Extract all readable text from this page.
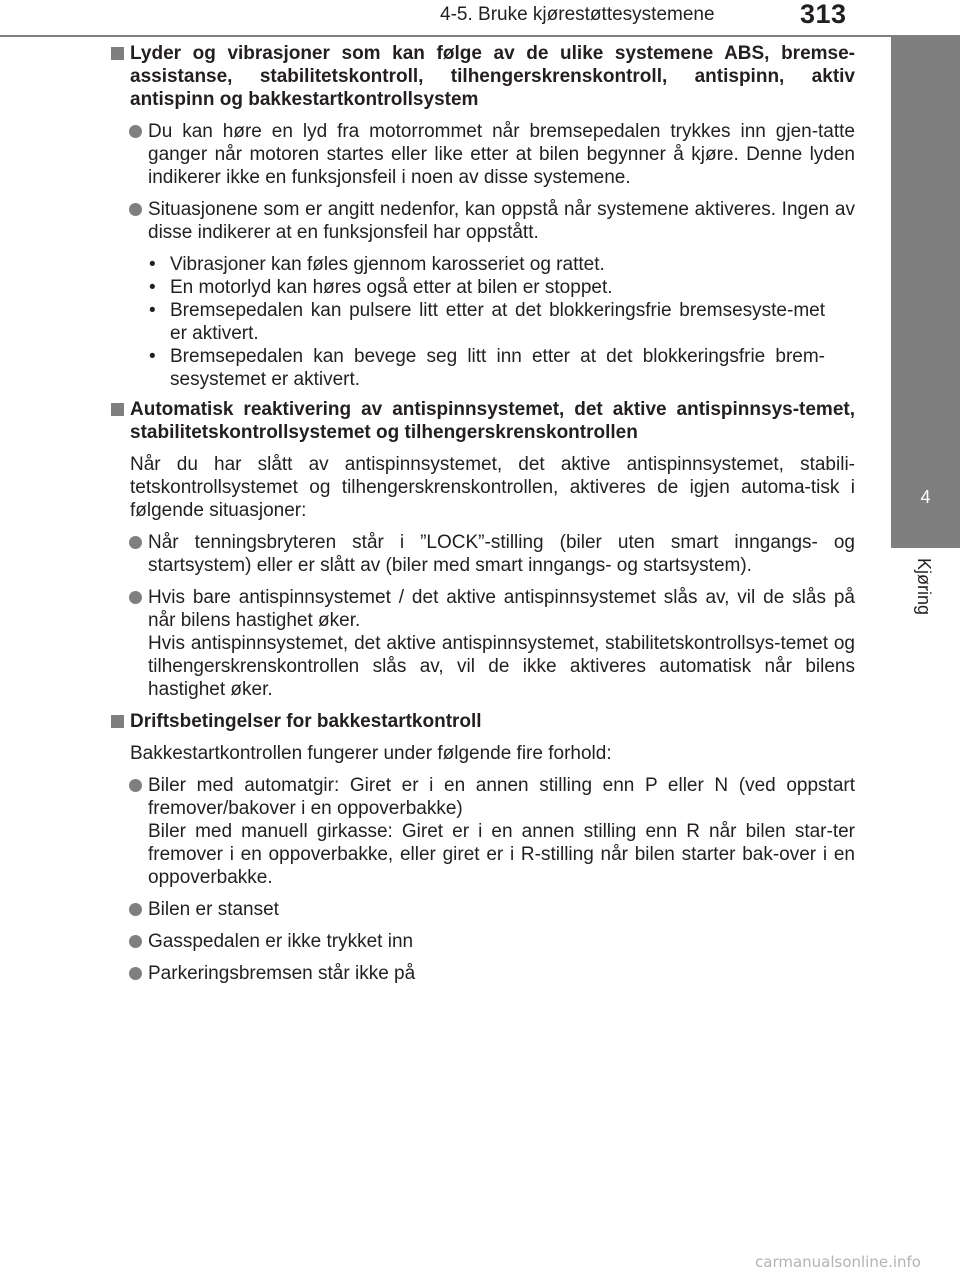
4-5. Bruke kjørestøttesystemene	313
4
Kjøring
Lyder og vibrasjoner som kan følge av de ulike systemene ABS, bremse-assistanse, stabilitetskontroll, tilhengerskrenskontroll, antispinn, aktiv antispinn og bakkestartkontrollsystem
Du kan høre en lyd fra motorrommet når bremsepedalen trykkes inn gjen-tatte ganger når motoren startes eller like etter at bilen begynner å kjøre. Denne lyden indikerer ikke en funksjonsfeil i noen av disse systemene.
Situasjonene som er angitt nedenfor, kan oppstå når systemene aktiveres. Ingen av disse indikerer at en funksjonsfeil har oppstått.
• Vibrasjoner kan føles gjennom karosseriet og rattet.
• En motorlyd kan høres også etter at bilen er stoppet.
• Bremsepedalen kan pulsere litt etter at det blokkeringsfrie bremsesyste-met er aktivert.
• Bremsepedalen kan bevege seg litt inn etter at det blokkeringsfrie brem-sesystemet er aktivert.
Automatisk reaktivering av antispinnsystemet, det aktive antispinnsys-temet, stabilitetskontrollsystemet og tilhengerskrenskontrollen
Når du har slått av antispinnsystemet, det aktive antispinnsystemet, stabili-tetskontrollsystemet og tilhengerskrenskontrollen, aktiveres de igjen automa-tisk i følgende situasjoner:
Når tenningsbryteren står i ”LOCK”-stilling (biler uten smart inngangs- og startsystem) eller er slått av (biler med smart inngangs- og startsystem).
Hvis bare antispinnsystemet / det aktive antispinnsystemet slås av, vil de slås på når bilens hastighet øker.
Hvis antispinnsystemet, det aktive antispinnsystemet, stabilitetskontrollsys-temet og tilhengerskrenskontrollen slås av, vil de ikke aktiveres automatisk når bilens hastighet øker.
Driftsbetingelser for bakkestartkontroll
Bakkestartkontrollen fungerer under følgende fire forhold:
Biler med automatgir: Giret er i en annen stilling enn P eller N (ved oppstart fremover/bakover i en oppoverbakke)
Biler med manuell girkasse: Giret er i en annen stilling enn R når bilen star-ter fremover i en oppoverbakke, eller giret er i R-stilling når bilen starter bak-over i en oppoverbakke.
Bilen er stanset
Gasspedalen er ikke trykket inn
Parkeringsbremsen står ikke på
carmanualsonline.info
